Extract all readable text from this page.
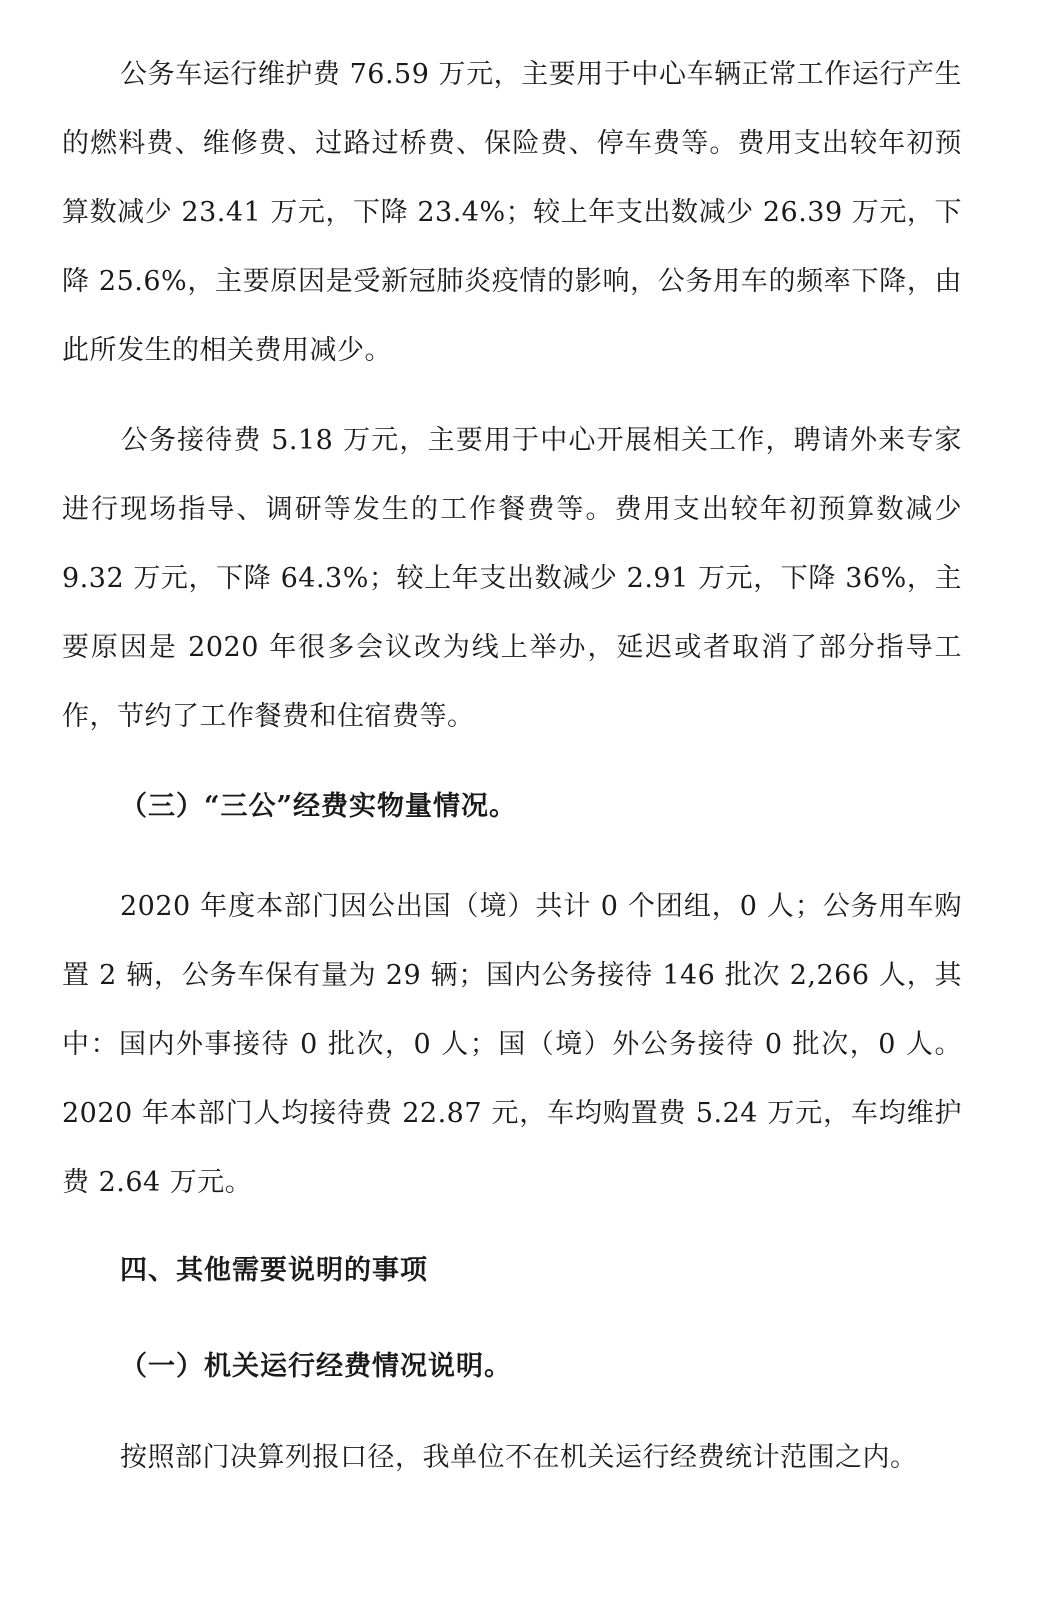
公务车运行维护费 76.59 万元，主要用于中心车辆正常工作运行产生的燃料费、维修费、过路过桥费、保险费、停车费等。费用支出较年初预算数减少 23.41 万元，下降 23.4%；较上年支出数减少 26.39 万元，下降 25.6%，主要原因是受新冠肺炎疫情的影响，公务用车的频率下降，由此所发生的相关费用减少。

公务接待费 5.18 万元，主要用于中心开展相关工作，聘请外来专家进行现场指导、调研等发生的工作餐费等。费用支出较年初预算数减少 9.32 万元，下降 64.3%；较上年支出数减少 2.91 万元，下降 36%，主要原因是 2020 年很多会议改为线上举办，延迟或者取消了部分指导工作，节约了工作餐费和住宿费等。

（三）“三公”经费实物量情况。

2020 年度本部门因公出国（境）共计 0 个团组，0 人；公务用车购置 2 辆，公务车保有量为 29 辆；国内公务接待 146 批次 2,266 人，其中：国内外事接待 0 批次，0 人；国（境）外公务接待 0 批次，0 人。2020 年本部门人均接待费 22.87 元，车均购置费 5.24 万元，车均维护费 2.64 万元。

四、其他需要说明的事项
（一）机关运行经费情况说明。

按照部门决算列报口径，我单位不在机关运行经费统计范围之内。
